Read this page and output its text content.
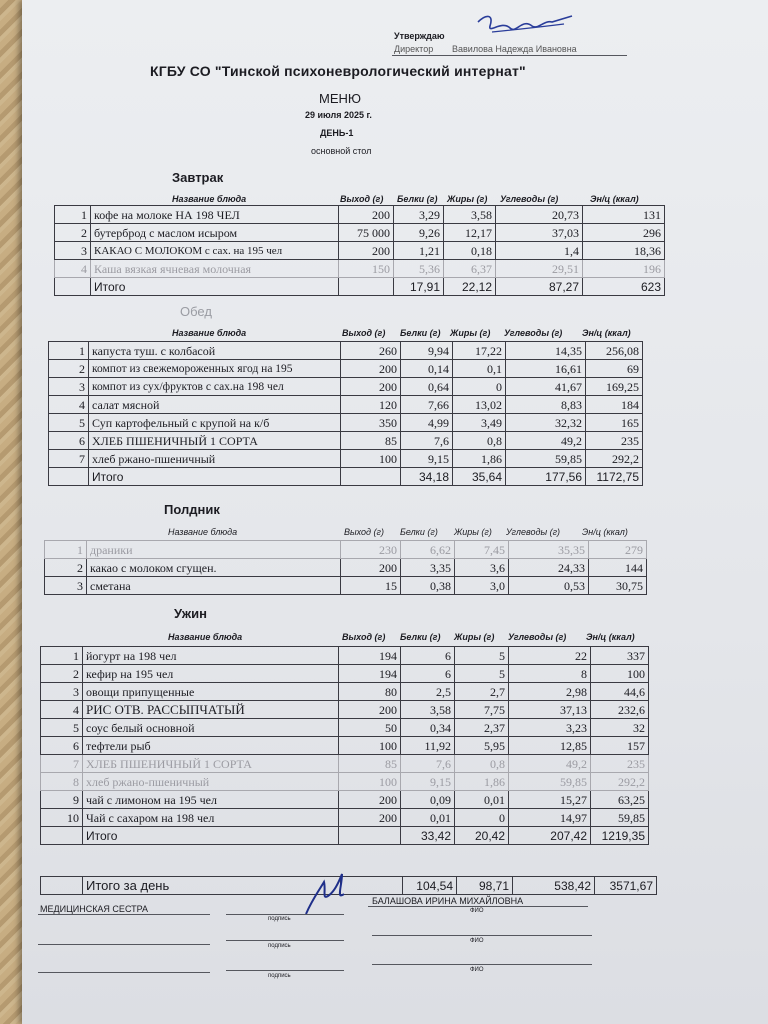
Утверждаю
Директор Вавилова Надежда Ивановна
КГБУ СО "Тинской психоневрологический интернат"
МЕНЮ
29 июля 2025 г.
ДЕНЬ-1
основной стол
Завтрак
Название блюда	Выход (г) Белки (г) Жиры (г) Углеводы (г)	Эн/ц (ккал)
1	кофе на молоке НА 198 ЧЕЛ	200	3,29	3,58	20,73	131
2	бутерброд с маслом исыром	75 000	9,26	12,17	37,03	296
3	КАКАО С МОЛОКОМ с сах. на 195 чел	200	1,21	0,18	1,4	18,36
4	Каша вязкая ячневая молочная	150	5,36	6,37	29,51	196
	Итого		17,91	22,12	87,27	623
Обед
Название блюда	Выход (г) Белки (г) Жиры (г) Углеводы (г) Эн/ц (ккал)
1	капуста туш. с колбасой	260	9,94	17,22	14,35	256,08
2	компот из свежемороженных ягод на 195	200	0,14	0,1	16,61	69
3	компот из сух/фруктов с сах.на 198 чел	200	0,64	0	41,67	169,25
4	салат мясной	120	7,66	13,02	8,83	184
5	Суп картофельный с крупой на к/б	350	4,99	3,49	32,32	165
6	ХЛЕБ ПШЕНИЧНЫЙ 1 СОРТА	85	7,6	0,8	49,2	235
7	хлеб ржано-пшеничный	100	9,15	1,86	59,85	292,2
	Итого		34,18	35,64	177,56	1172,75
Полдник
Название блюда	Выход (г) Белки (г) Жиры (г) Углеводы (г) Эн/ц (ккал)
1	драники	230	6,62	7,45	35,35	279
2	какао с молоком сгущен.	200	3,35	3,6	24,33	144
3	сметана	15	0,38	3,0	0,53	30,75
Ужин
Название блюда	Выход (г) Белки (г) Жиры (г) Углеводы (г) Эн/ц (ккал)
1	йогурт на 198 чел	194	6	5	22	337
2	кефир на 195 чел	194	6	5	8	100
3	овощи припущенные	80	2,5	2,7	2,98	44,6
4	РИС ОТВ. РАССЫПЧАТЫЙ	200	3,58	7,75	37,13	232,6
5	соус белый основной	50	0,34	2,37	3,23	32
6	тефтели рыб	100	11,92	5,95	12,85	157
7	ХЛЕБ ПШЕНИЧНЫЙ 1 СОРТА	85	7,6	0,8	49,2	235
8	хлеб ржано-пшеничный	100	9,15	1,86	59,85	292,2
9	чай с лимоном на 195 чел	200	0,09	0,01	15,27	63,25
10	Чай с сахаром на 198 чел	200	0,01	0	14,97	59,85
	Итого		33,42	20,42	207,42	1219,35
	Итого за день		104,54	98,71	538,42	3571,67
МЕДИЦИНСКАЯ СЕСТРА
подпись
БАЛАШОВА ИРИНА МИХАЙЛОВНА
ФИО
подпись
ФИО
подпись
ФИО
